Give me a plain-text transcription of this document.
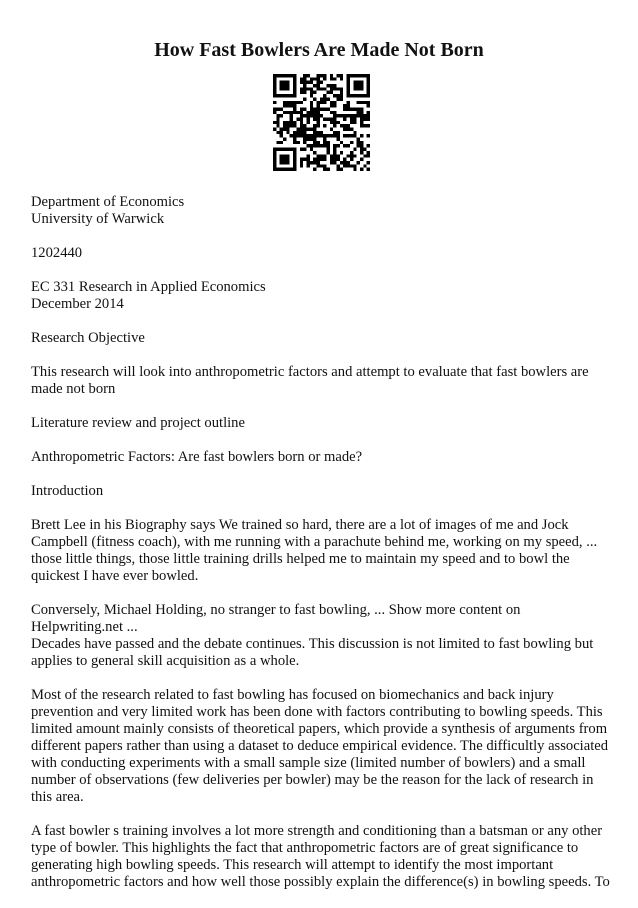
How Fast Bowlers Are Made Not Born

Department of Economics

University of Warwick

1202440

EC 331 Research in Applied Economics

December 2014

Research Objective

This research will look into anthropometric factors and attempt to evaluate that fast bowlers are made not born

Literature review and project outline

Anthropometric Factors: Are fast bowlers born or made?

Introduction

Brett Lee in his Biography says We trained so hard, there are a lot of images of me and Jock Campbell (fitness coach), with me running with a parachute behind me, working on my speed, ... those little things, those little training drills helped me to maintain my speed and to bowl the quickest I have ever bowled.

Conversely, Michael Holding, no stranger to fast bowling, ... Show more content on Helpwriting.net ...

Decades have passed and the debate continues. This discussion is not limited to fast bowling but applies to general skill acquisition as a whole.

Most of the research related to fast bowling has focused on biomechanics and back injury prevention and very limited work has been done with factors contributing to bowling speeds. This limited amount mainly consists of theoretical papers, which provide a synthesis of arguments from different papers rather than using a dataset to deduce empirical evidence. The difficultly associated with conducting experiments with a small sample size (limited number of bowlers) and a small number of observations (few deliveries per bowler) may be the reason for the lack of research in this area.

A fast bowler s training involves a lot more strength and conditioning than a batsman or any other type of bowler. This highlights the fact that anthropometric factors are of great significance to generating high bowling speeds. This research will attempt to identify the most important anthropometric factors and how well those possibly explain the difference(s) in bowling speeds. To
